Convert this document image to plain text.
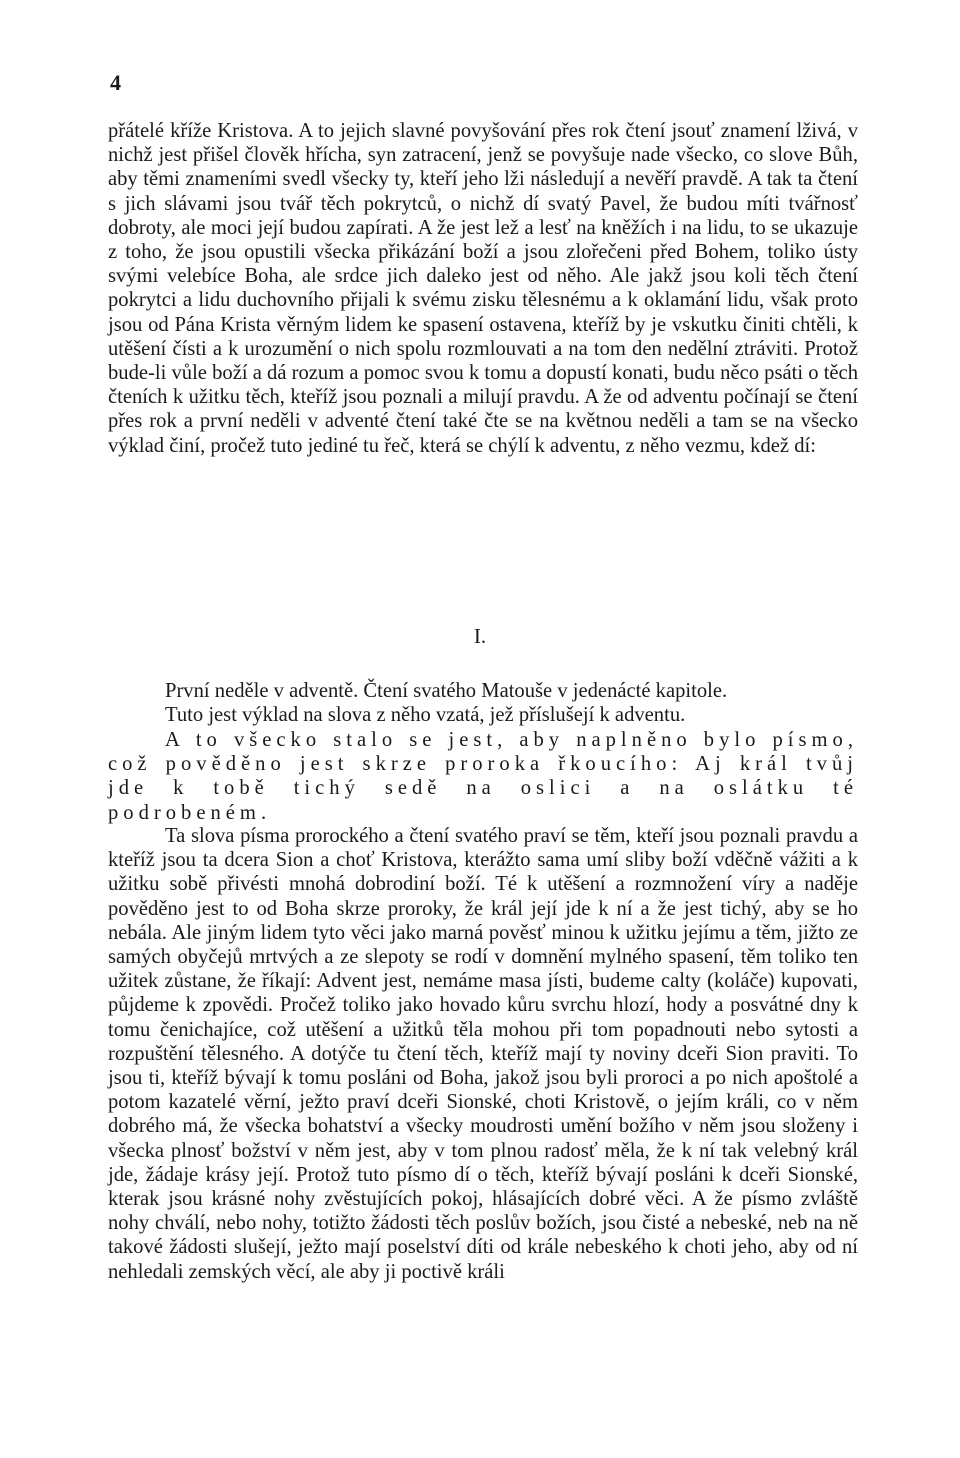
4

přátelé kříže Kristova. A to jejich slavné povyšování přes rok čtení jsouť znamení lživá, v nichž jest přišel člověk hříchа, syn zatracení, jenž se povyšuje nade všecko, co slove Bůh, aby těmi znameními svedl všecky ty, kteří jeho lži následují a nevěří pravdě. A tak ta čtení s jich slávami jsou tvář těch pokrytců, o nichž dí svatý Pavel, že budou míti tvářnosť dobroty, ale moci její budou zapírati. A že jest lež a lesť na kněžích i na lidu, to se ukazuje z toho, že jsou opustili všecka přikázání boží a jsou zlořečeni před Bohem, toliko ústy svými velebíce Boha, ale srdce jich daleko jest od něho. Ale jakž jsou koli těch čtení pokrytci a lidu duchovního přijali k svému zisku tělesnému a k oklamání lidu, však proto jsou od Pána Krista věrným lidem ke spasení ostavena, kteříž by je vskutku činiti chtěli, k utěšení čísti a k urozumění o nich spolu rozmlouvati a na tom den nedělní ztráviti. Protož bude-li vůle boží a dá rozum a pomoc svou k tomu a dopustí konati, budu něco psáti o těch čteních k užitku těch, kteříž jsou poznali a milují pravdu. A že od adventu počínají se čtení přes rok a první neděli v adventé čtení také čte se na květnou neděli a tam se na všecko výklad činí, pročež tuto jediné tu řeč, která se chýlí k adventu, z něho vezmu, kdež dí:

I.

První neděle v adventě. Čtení svatého Matouše v jedenácté kapitole.

Tuto jest výklad na slova z něho vzatá, jež příslušejí k adventu.

A to všecko stalo se jest, aby naplněno bylo písmo, což pověděno jest skrze proroka řkoucího: Aj král tvůj jde k tobě tichý sedě na oslici a na oslátku té podrobeném.

Ta slova písma prorockého a čtení svatého praví se těm, kteří jsou poznali pravdu a kteříž jsou ta dcera Sion a choť Kristova, kterážto sama umí sliby boží vděčně vážiti a k užitku sobě přivésti mnohá dobrodiní boží. Té k utěšení a rozmnožení víry a naděje pověděno jest to od Boha skrze proroky, že král její jde k ní a že jest tichý, aby se ho nebála. Ale jiným lidem tyto věci jako marná pověsť minou k užitku jejímu a těm, jižto ze samých obyčejů mrtvých a ze slepoty se rodí v domnění mylného spasení, těm toliko ten užitek zůstane, že říkají: Advent jest, nemáme masa jísti, budeme calty (koláče) kupovati, půjdeme k zpovědi. Pročež toliko jako hovado kůru svrchu hlozí, hody a posvátné dny k tomu čenichajíce, což utěšení a užitků těla mohou při tom popadnouti nebo sytosti a rozpuštění tělesného. A dotýče tu čtení těch, kteříž mají ty noviny dceři Sion praviti. To jsou ti, kteříž bývají k tomu posláni od Boha, jakož jsou byli proroci a po nich apoštolé a potom kazatelé věrní, ježto praví dceři Sionské, choti Kristově, o jejím králi, co v něm dobrého má, že všecka bohatství a všecky moudrosti umění božího v něm jsou složeny i všecka plnosť božství v něm jest, aby v tom plnou radosť měla, že k ní tak velebný král jde, žádaje krásy její. Protož tuto písmo dí o těch, kteříž bývají posláni k dceři Sionské, kterak jsou krásné nohy zvěstujících pokoj, hlásajících dobré věci. A že písmo zvláště nohy chválí, nebo nohy, totižto žádosti těch poslův božích, jsou čisté a nebeské, neb na ně takové žádosti slušejí, ježto mají poselství díti od krále nebeského k choti jeho, aby od ní nehledali zemských věcí, ale aby ji poctivě králi
